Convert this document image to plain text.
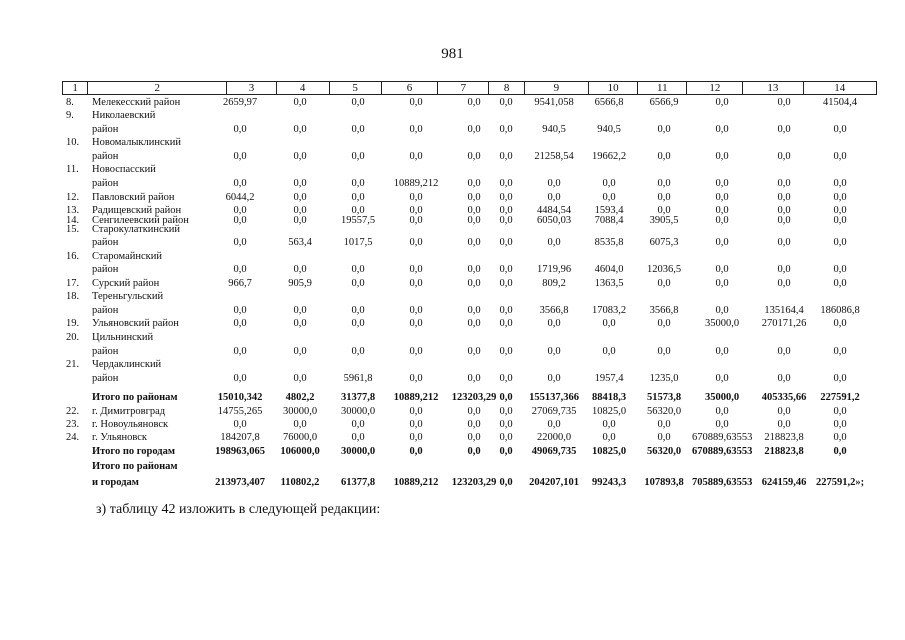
981
1	2	3	4	5	6	7	8	9	10	11	12	13	14
8. Мелекесский район	2659,97	0,0	0,0	0,0	0,0	0,0	9541,058	6566,8	6566,9	0,0	0,0	41504,4
9. Николаевский
район	0,0	0,0	0,0	0,0	0,0	0,0	940,5	940,5	0,0	0,0	0,0	0,0
10. Новомалыклинский
район	0,0	0,0	0,0	0,0	0,0	0,0	21258,54	19662,2	0,0	0,0	0,0	0,0
11. Новоспасский
район	0,0	0,0	0,0	10889,212	0,0	0,0	0,0	0,0	0,0	0,0	0,0	0,0
12. Павловский район	6044,2	0,0	0,0	0,0	0,0	0,0	0,0	0,0	0,0	0,0	0,0	0,0
13. Радищевский район	0,0	0,0	0,0	0,0	0,0	0,0	4484,54	1593,4	0,0	0,0	0,0	0,0
14. Сенгилеевский район	0,0	0,0	19557,5	0,0	0,0	0,0	6050,03	7088,4	3905,5	0,0	0,0	0,0
15. Старокулаткинский
район	0,0	563,4	1017,5	0,0	0,0	0,0	0,0	8535,8	6075,3	0,0	0,0	0,0
16. Старомайнский
район	0,0	0,0	0,0	0,0	0,0	0,0	1719,96	4604,0	12036,5	0,0	0,0	0,0
17. Сурский район	966,7	905,9	0,0	0,0	0,0	0,0	809,2	1363,5	0,0	0,0	0,0	0,0
18. Тереньгульский
район	0,0	0,0	0,0	0,0	0,0	0,0	3566,8	17083,2	3566,8	0,0	135164,4	186086,8
19. Ульяновский район	0,0	0,0	0,0	0,0	0,0	0,0	0,0	0,0	0,0	35000,0	270171,26	0,0
20. Цильнинский
район	0,0	0,0	0,0	0,0	0,0	0,0	0,0	0,0	0,0	0,0	0,0	0,0
21. Чердаклинский
район	0,0	0,0	5961,8	0,0	0,0	0,0	0,0	1957,4	1235,0	0,0	0,0	0,0
Итого по районам	15010,342	4802,2	31377,8	10889,212	123203,29 0,0	155137,366	88418,3	51573,8	35000,0	405335,66	227591,2
22. г. Димитровград	14755,265	30000,0	30000,0	0,0	0,0	0,0	27069,735	10825,0	56320,0	0,0	0,0	0,0
23. г. Новоульяновск	0,0	0,0	0,0	0,0	0,0	0,0	0,0	0,0	0,0	0,0	0,0	0,0
24. г. Ульяновск	184207,8	76000,0	0,0	0,0	0,0	0,0	22000,0	0,0	0,0	670889,63553	218823,8	0,0
Итого по городам	198963,065	106000,0	30000,0	0,0	0,0	0,0	49069,735	10825,0	56320,0	670889,63553	218823,8	0,0
Итого по районам
и городам	213973,407	110802,2	61377,8	10889,212	123203,29 0,0	204207,101	99243,3	107893,8 705889,63553 624159,46 227591,2»;
з) таблицу 42 изложить в следующей редакции:
